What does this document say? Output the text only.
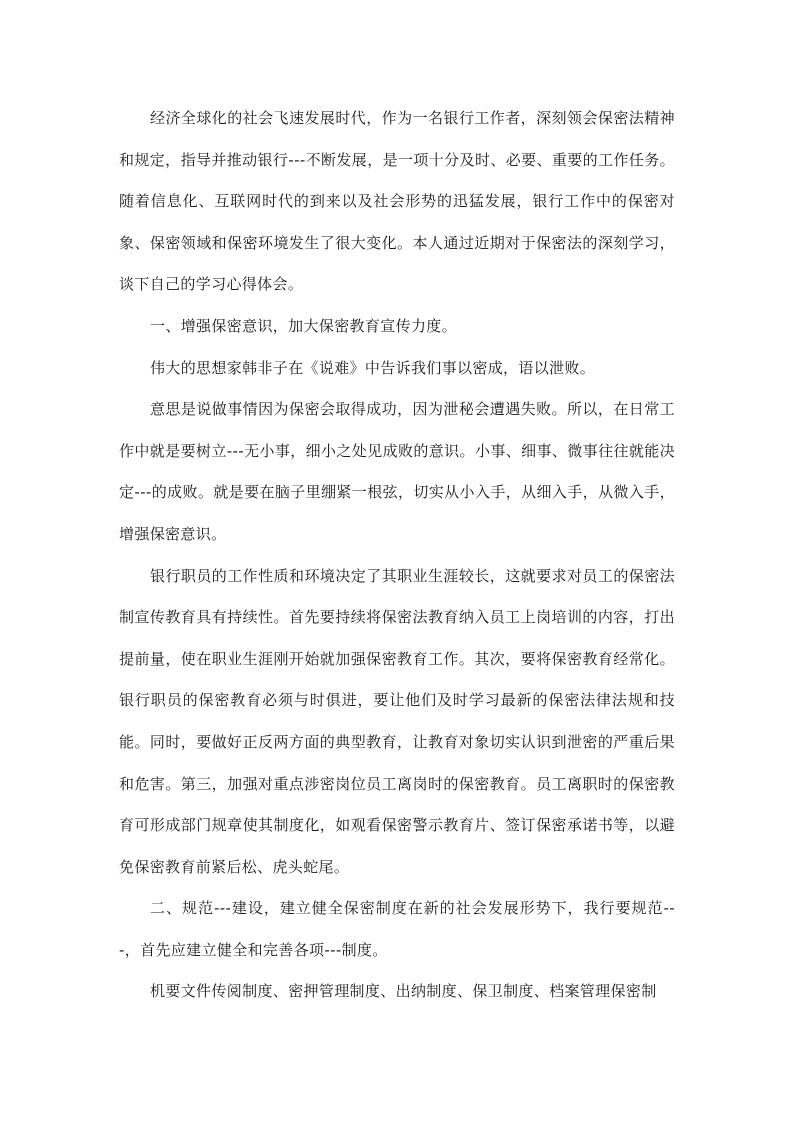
经济全球化的社会飞速发展时代，作为一名银行工作者，深刻领会保密法精神和规定，指导并推动银行---不断发展，是一项十分及时、必要、重要的工作任务。随着信息化、互联网时代的到来以及社会形势的迅猛发展，银行工作中的保密对象、保密领域和保密环境发生了很大变化。本人通过近期对于保密法的深刻学习，谈下自己的学习心得体会。

一、增强保密意识，加大保密教育宣传力度。

伟大的思想家韩非子在《说难》中告诉我们事以密成，语以泄败。

意思是说做事情因为保密会取得成功，因为泄秘会遭遇失败。所以，在日常工作中就是要树立---无小事，细小之处见成败的意识。小事、细事、微事往往就能决定---的成败。就是要在脑子里绷紧一根弦，切实从小入手，从细入手，从微入手，增强保密意识。

银行职员的工作性质和环境决定了其职业生涯较长，这就要求对员工的保密法制宣传教育具有持续性。首先要持续将保密法教育纳入员工上岗培训的内容，打出提前量，使在职业生涯刚开始就加强保密教育工作。其次，要将保密教育经常化。银行职员的保密教育必须与时俱进，要让他们及时学习最新的保密法律法规和技能。同时，要做好正反两方面的典型教育，让教育对象切实认识到泄密的严重后果和危害。第三，加强对重点涉密岗位员工离岗时的保密教育。员工离职时的保密教育可形成部门规章使其制度化，如观看保密警示教育片、签订保密承诺书等，以避免保密教育前紧后松、虎头蛇尾。

二、规范---建设，建立健全保密制度在新的社会发展形势下，我行要规范---，首先应建立健全和完善各项---制度。

机要文件传阅制度、密押管理制度、出纳制度、保卫制度、档案管理保密制
